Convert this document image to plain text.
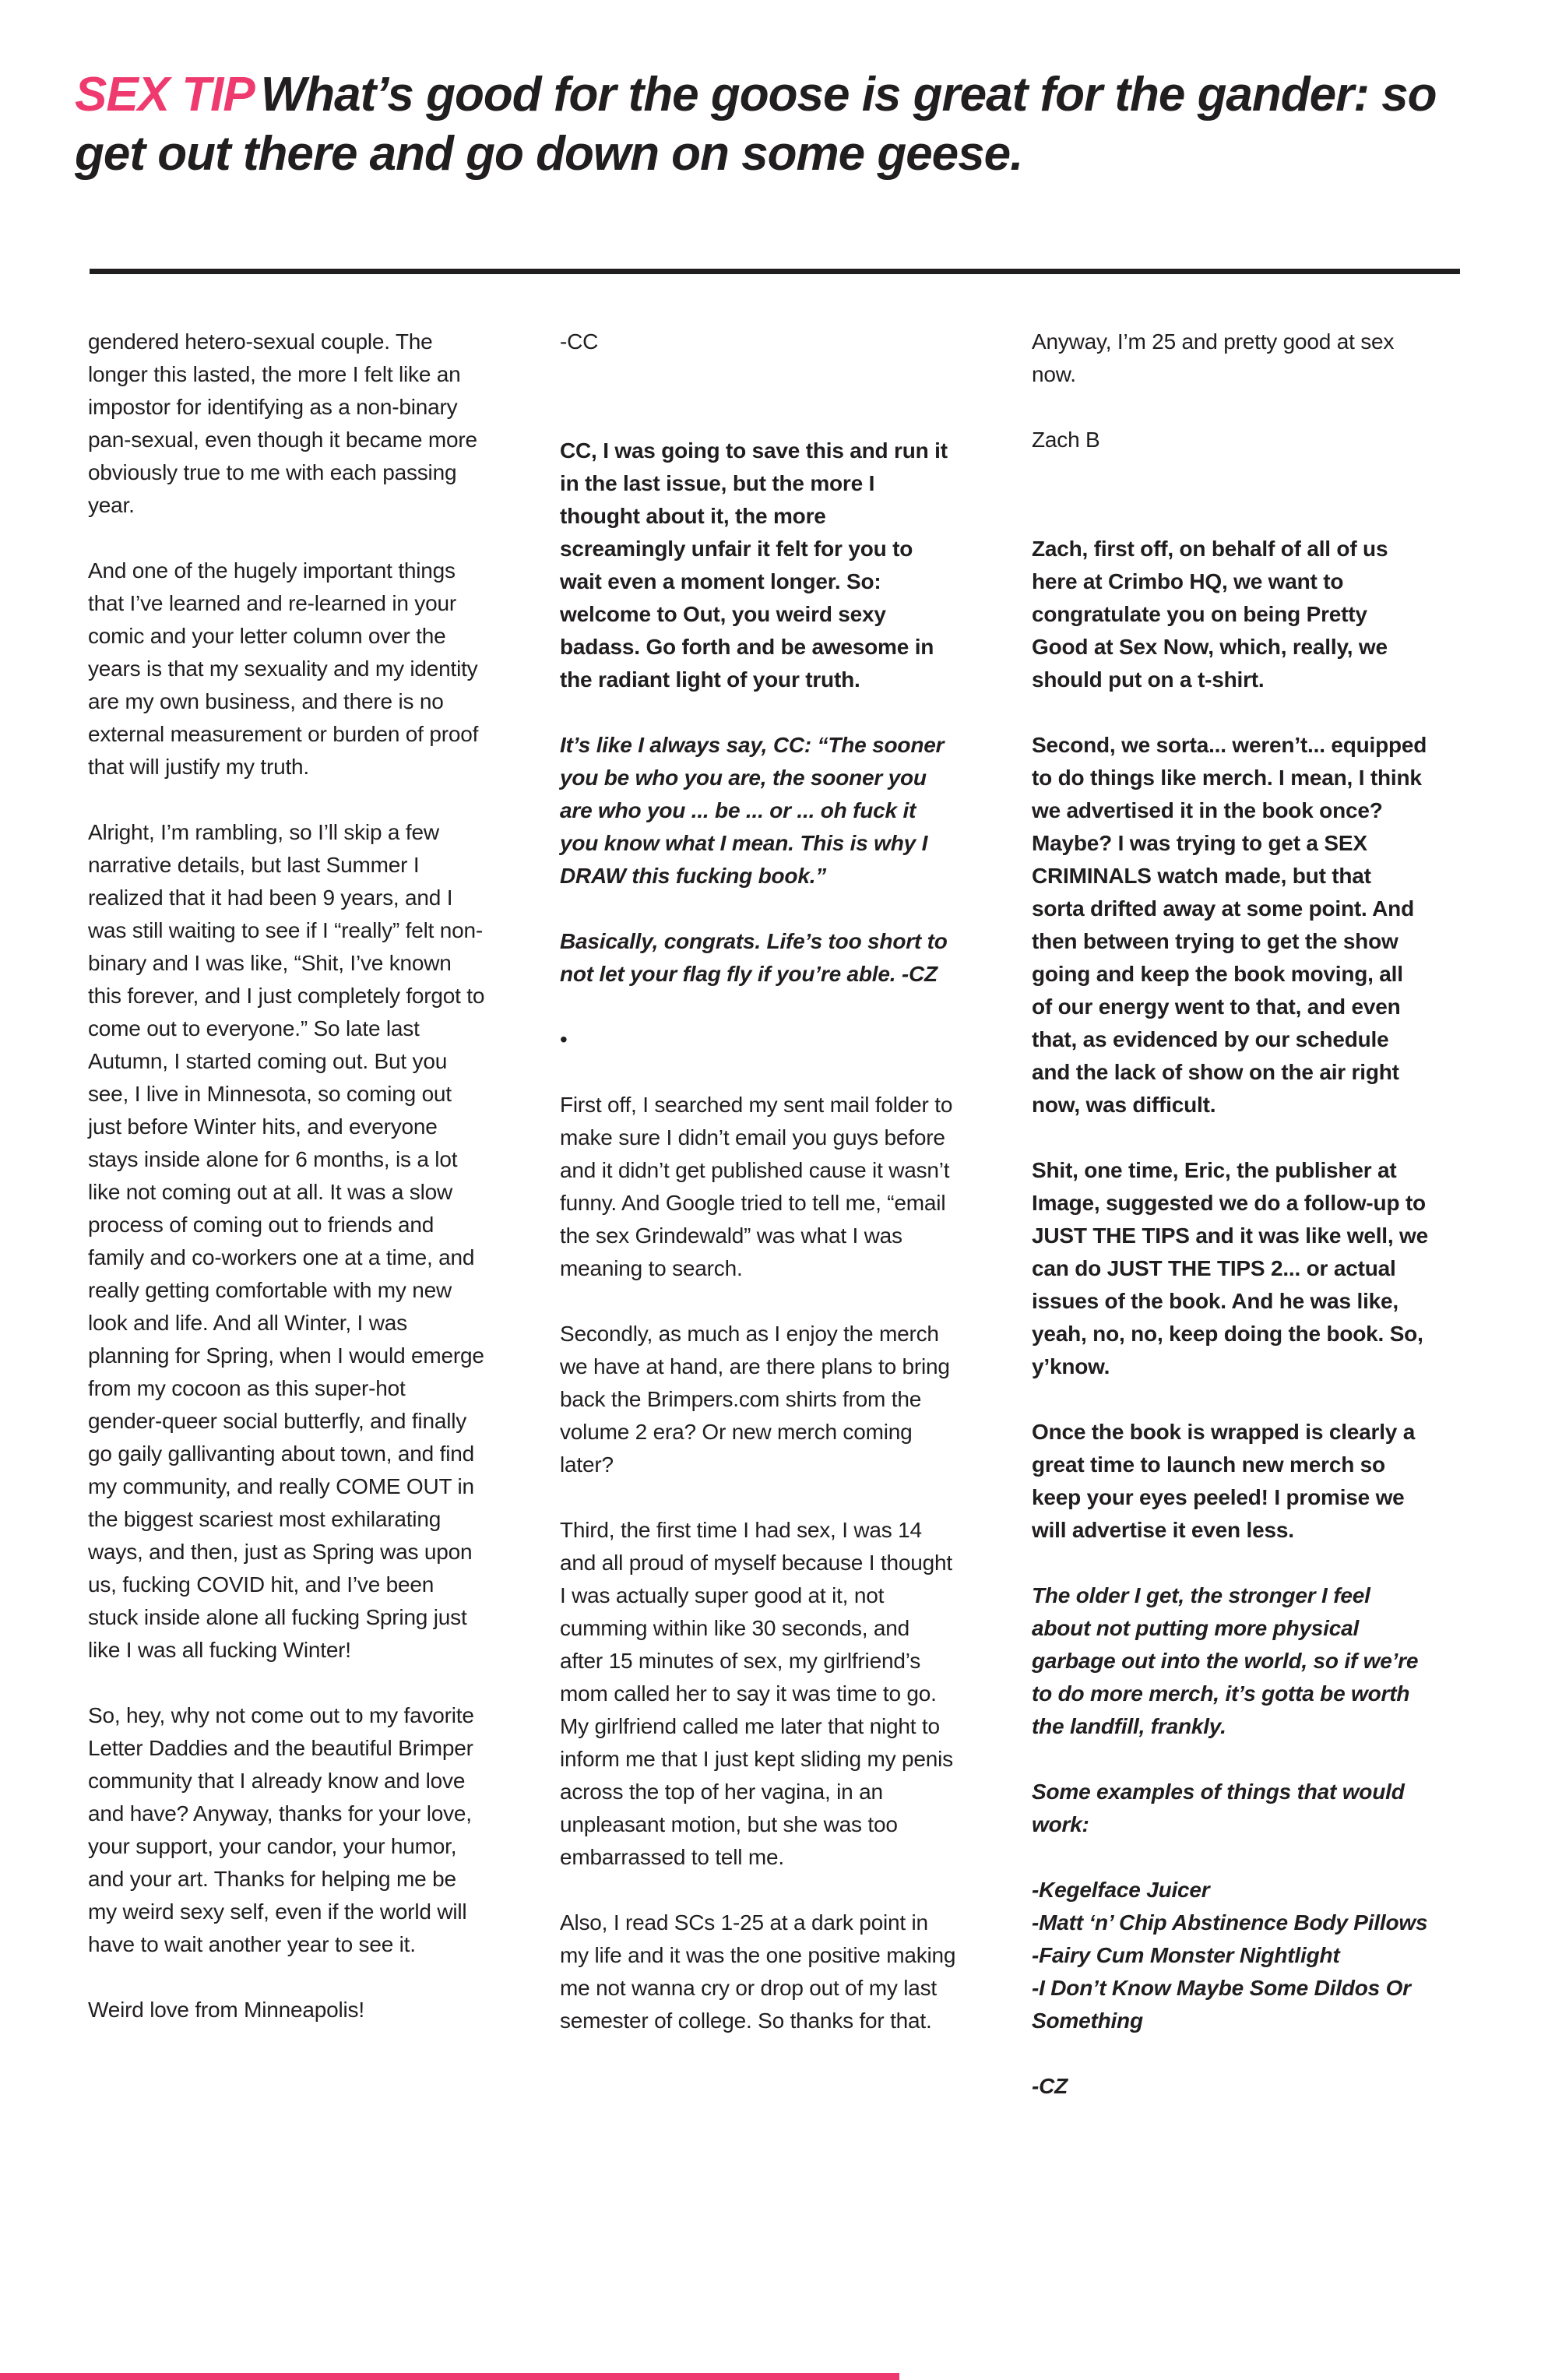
SEX TIP What’s good for the goose is great for the gander: so get out there and go down on some geese.

gendered hetero-sexual couple. The longer this lasted, the more I felt like an impostor for identifying as a non-binary pan-sexual, even though it became more obviously true to me with each passing year.

And one of the hugely important things that I’ve learned and re-learned in your comic and your letter column over the years is that my sexuality and my identity are my own business, and there is no external measurement or burden of proof that will justify my truth.

Alright, I’m rambling, so I’ll skip a few narrative details, but last Summer I realized that it had been 9 years, and I was still waiting to see if I “really” felt non-binary and I was like, “Shit, I’ve known this forever, and I just completely forgot to come out to everyone.” So late last Autumn, I started coming out. But you see, I live in Minnesota, so coming out just before Winter hits, and everyone stays inside alone for 6 months, is a lot like not coming out at all. It was a slow process of coming out to friends and family and co-workers one at a time, and really getting comfortable with my new look and life. And all Winter, I was planning for Spring, when I would emerge from my cocoon as this super-hot gender-queer social butterfly, and finally go gaily gallivanting about town, and find my community, and really COME OUT in the biggest scariest most exhilarating ways, and then, just as Spring was upon us, fucking COVID hit, and I’ve been stuck inside alone all fucking Spring just like I was all fucking Winter!

So, hey, why not come out to my favorite Letter Daddies and the beautiful Brimper community that I already know and love and have? Anyway, thanks for your love, your support, your candor, your humor, and your art. Thanks for helping me be my weird sexy self, even if the world will have to wait another year to see it.

Weird love from Minneapolis!

-CC

CC, I was going to save this and run it in the last issue, but the more I thought about it, the more screamingly unfair it felt for you to wait even a moment longer. So: welcome to Out, you weird sexy badass. Go forth and be awesome in the radiant light of your truth.

It’s like I always say, CC: “The sooner you be who you are, the sooner you are who you ... be ... or ... oh fuck it you know what I mean. This is why I DRAW this fucking book.”

Basically, congrats. Life’s too short to not let your flag fly if you’re able. -CZ

•

First off, I searched my sent mail folder to make sure I didn’t email you guys before and it didn’t get published cause it wasn’t funny. And Google tried to tell me, “email the sex Grindewald” was what I was meaning to search.

Secondly, as much as I enjoy the merch we have at hand, are there plans to bring back the Brimpers.com shirts from the volume 2 era? Or new merch coming later?

Third, the first time I had sex, I was 14 and all proud of myself because I thought I was actually super good at it, not cumming within like 30 seconds, and after 15 minutes of sex, my girlfriend’s mom called her to say it was time to go. My girlfriend called me later that night to inform me that I just kept sliding my penis across the top of her vagina, in an unpleasant motion, but she was too embarrassed to tell me.

Also, I read SCs 1-25 at a dark point in my life and it was the one positive making me not wanna cry or drop out of my last semester of college. So thanks for that.

Anyway, I’m 25 and pretty good at sex now.

Zach B

Zach, first off, on behalf of all of us here at Crimbo HQ, we want to congratulate you on being Pretty Good at Sex Now, which, really, we should put on a t-shirt.

Second, we sorta... weren’t... equipped to do things like merch. I mean, I think we advertised it in the book once? Maybe? I was trying to get a SEX CRIMINALS watch made, but that sorta drifted away at some point. And then between trying to get the show going and keep the book moving, all of our energy went to that, and even that, as evidenced by our schedule and the lack of show on the air right now, was difficult.

Shit, one time, Eric, the publisher at Image, suggested we do a follow-up to JUST THE TIPS and it was like well, we can do JUST THE TIPS 2... or actual issues of the book. And he was like, yeah, no, no, keep doing the book. So, y’know.

Once the book is wrapped is clearly a great time to launch new merch so keep your eyes peeled! I promise we will advertise it even less.

The older I get, the stronger I feel about not putting more physical garbage out into the world, so if we’re to do more merch, it’s gotta be worth the landfill, frankly.

Some examples of things that would work:

-Kegelface Juicer

-Matt ‘n’ Chip Abstinence Body Pillows

-Fairy Cum Monster Nightlight

-I Don’t Know Maybe Some Dildos Or Something

-CZ
